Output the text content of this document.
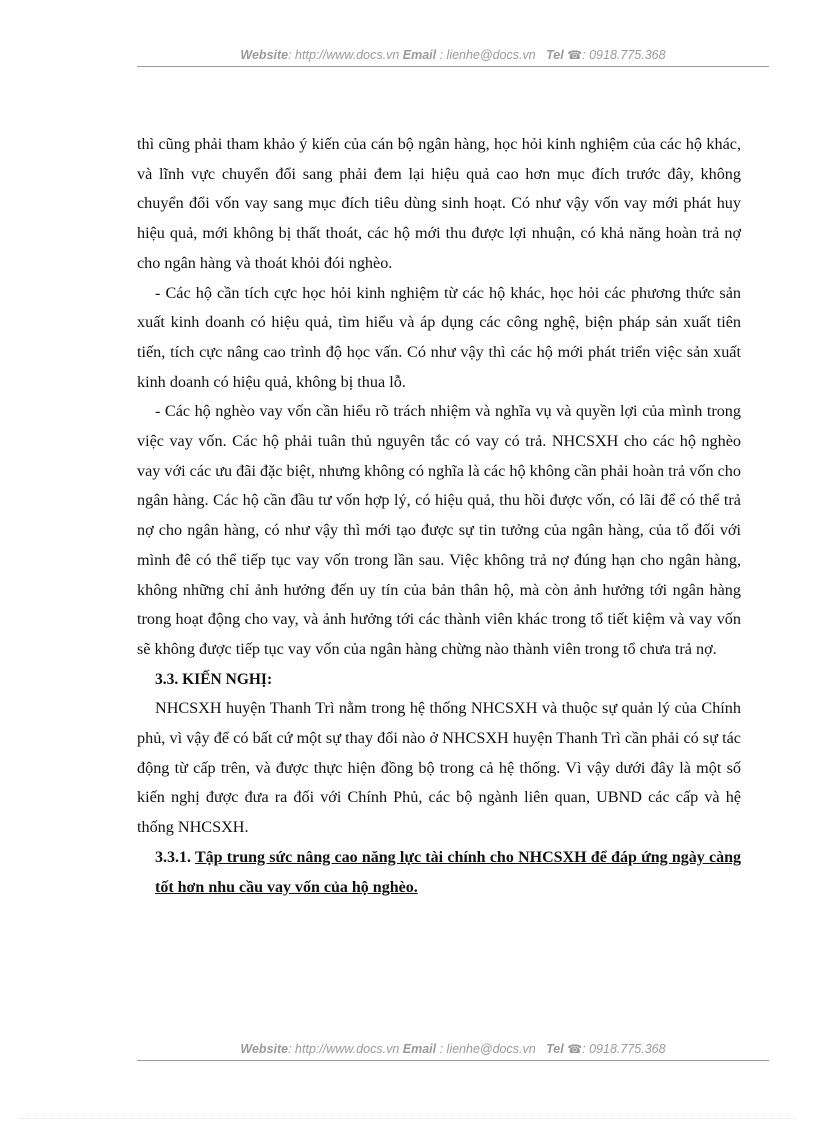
Website: http://www.docs.vn Email : lienhe@docs.vn Tel ☎: 0918.775.368

thì cũng phải tham khảo ý kiến của cán bộ ngân hàng, học hỏi kinh nghiệm của các hộ khác, và lĩnh vực chuyển đổi sang phải đem lại hiệu quả cao hơn mục đích trước đây, không chuyển đổi vốn vay sang mục đích tiêu dùng sinh hoạt. Có như vậy vốn vay mới phát huy hiệu quả, mới không bị thất thoát, các hộ mới thu được lợi nhuận, có khả năng hoàn trả nợ cho ngân hàng và thoát khỏi đói nghèo.

- Các hộ cần tích cực học hỏi kinh nghiệm từ các hộ khác, học hỏi các phương thức sản xuất kinh doanh có hiệu quả, tìm hiểu và áp dụng các công nghệ, biện pháp sản xuất tiên tiến, tích cực nâng cao trình độ học vấn. Có như vậy thì các hộ mới phát triển việc sản xuất kinh doanh có hiệu quả, không bị thua lỗ.

- Các hộ nghèo vay vốn cần hiểu rõ trách nhiệm và nghĩa vụ và quyền lợi của mình trong việc vay vốn. Các hộ phải tuân thủ nguyên tắc có vay có trả. NHCSXH cho các hộ nghèo vay với các ưu đãi đặc biệt, nhưng không có nghĩa là các hộ không cần phải hoàn trả vốn cho ngân hàng. Các hộ cần đầu tư vốn hợp lý, có hiệu quả, thu hồi được vốn, có lãi để có thể trả nợ cho ngân hàng, có như vậy thì mới tạo được sự tin tưởng của ngân hàng, của tổ đối với mình đê có thể tiếp tục vay vốn trong lần sau. Việc không trả nợ đúng hạn cho ngân hàng, không những chỉ ảnh hưởng đến uy tín của bản thân hộ, mà còn ảnh hưởng tới ngân hàng trong hoạt động cho vay, và ảnh hưởng tới các thành viên khác trong tổ tiết kiệm và vay vốn sẽ không được tiếp tục vay vốn của ngân hàng chừng nào thành viên trong tổ chưa trả nợ.

3.3. KIẾN NGHỊ:

NHCSXH huyện Thanh Trì nằm trong hệ thống NHCSXH và thuộc sự quản lý của Chính phủ, vì vậy để có bất cứ một sự thay đổi nào ở NHCSXH huyện Thanh Trì cần phải có sự tác động từ cấp trên, và được thực hiện đồng bộ trong cả hệ thống. Vì vậy dưới đây là một số kiến nghị được đưa ra đối với Chính Phủ, các bộ ngành liên quan, UBND các cấp và hệ thống NHCSXH.

3.3.1. Tập trung sức nâng cao năng lực tài chính cho NHCSXH để đáp ứng ngày càng tốt hơn nhu cầu vay vốn của hộ nghèo.

Website: http://www.docs.vn Email : lienhe@docs.vn Tel ☎: 0918.775.368
